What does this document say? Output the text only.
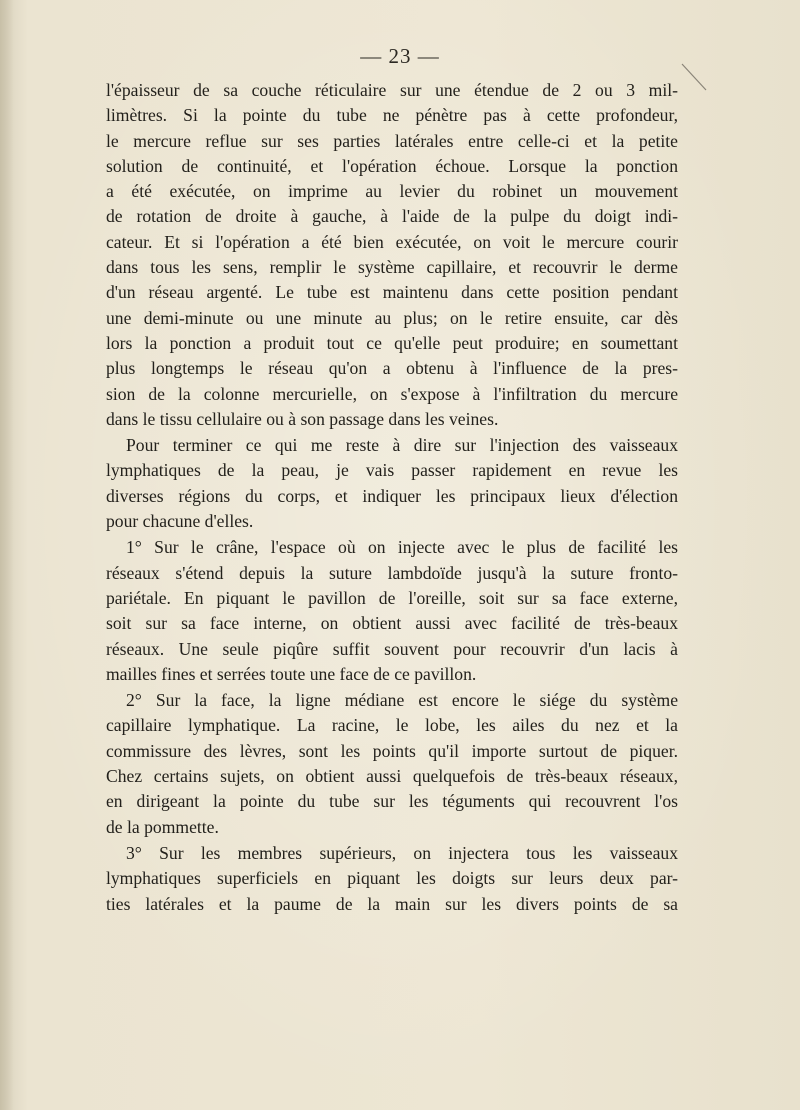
— 23 —

l'épaisseur de sa couche réticulaire sur une étendue de 2 ou 3 mil-

limètres. Si la pointe du tube ne pénètre pas à cette profondeur,

le mercure reflue sur ses parties latérales entre celle-ci et la petite

solution de continuité, et l'opération échoue. Lorsque la ponction

a été exécutée, on imprime au levier du robinet un mouvement

de rotation de droite à gauche, à l'aide de la pulpe du doigt indi-

cateur. Et si l'opération a été bien exécutée, on voit le mercure courir

dans tous les sens, remplir le système capillaire, et recouvrir le derme

d'un réseau argenté. Le tube est maintenu dans cette position pendant

une demi-minute ou une minute au plus; on le retire ensuite, car dès

lors la ponction a produit tout ce qu'elle peut produire; en soumettant

plus longtemps le réseau qu'on a obtenu à l'influence de la pres-

sion de la colonne mercurielle, on s'expose à l'infiltration du mercure

dans le tissu cellulaire ou à son passage dans les veines.

Pour terminer ce qui me reste à dire sur l'injection des vaisseaux

lymphatiques de la peau, je vais passer rapidement en revue les

diverses régions du corps, et indiquer les principaux lieux d'élection

pour chacune d'elles.

1° Sur le crâne, l'espace où on injecte avec le plus de facilité les

réseaux s'étend depuis la suture lambdoïde jusqu'à la suture fronto-

pariétale. En piquant le pavillon de l'oreille, soit sur sa face externe,

soit sur sa face interne, on obtient aussi avec facilité de très-beaux

réseaux. Une seule piqûre suffit souvent pour recouvrir d'un lacis à

mailles fines et serrées toute une face de ce pavillon.

2° Sur la face, la ligne médiane est encore le siége du système

capillaire lymphatique. La racine, le lobe, les ailes du nez et la

commissure des lèvres, sont les points qu'il importe surtout de piquer.

Chez certains sujets, on obtient aussi quelquefois de très-beaux réseaux,

en dirigeant la pointe du tube sur les téguments qui recouvrent l'os

de la pommette.

3° Sur les membres supérieurs, on injectera tous les vaisseaux

lymphatiques superficiels en piquant les doigts sur leurs deux par-

ties latérales et la paume de la main sur les divers points de sa
